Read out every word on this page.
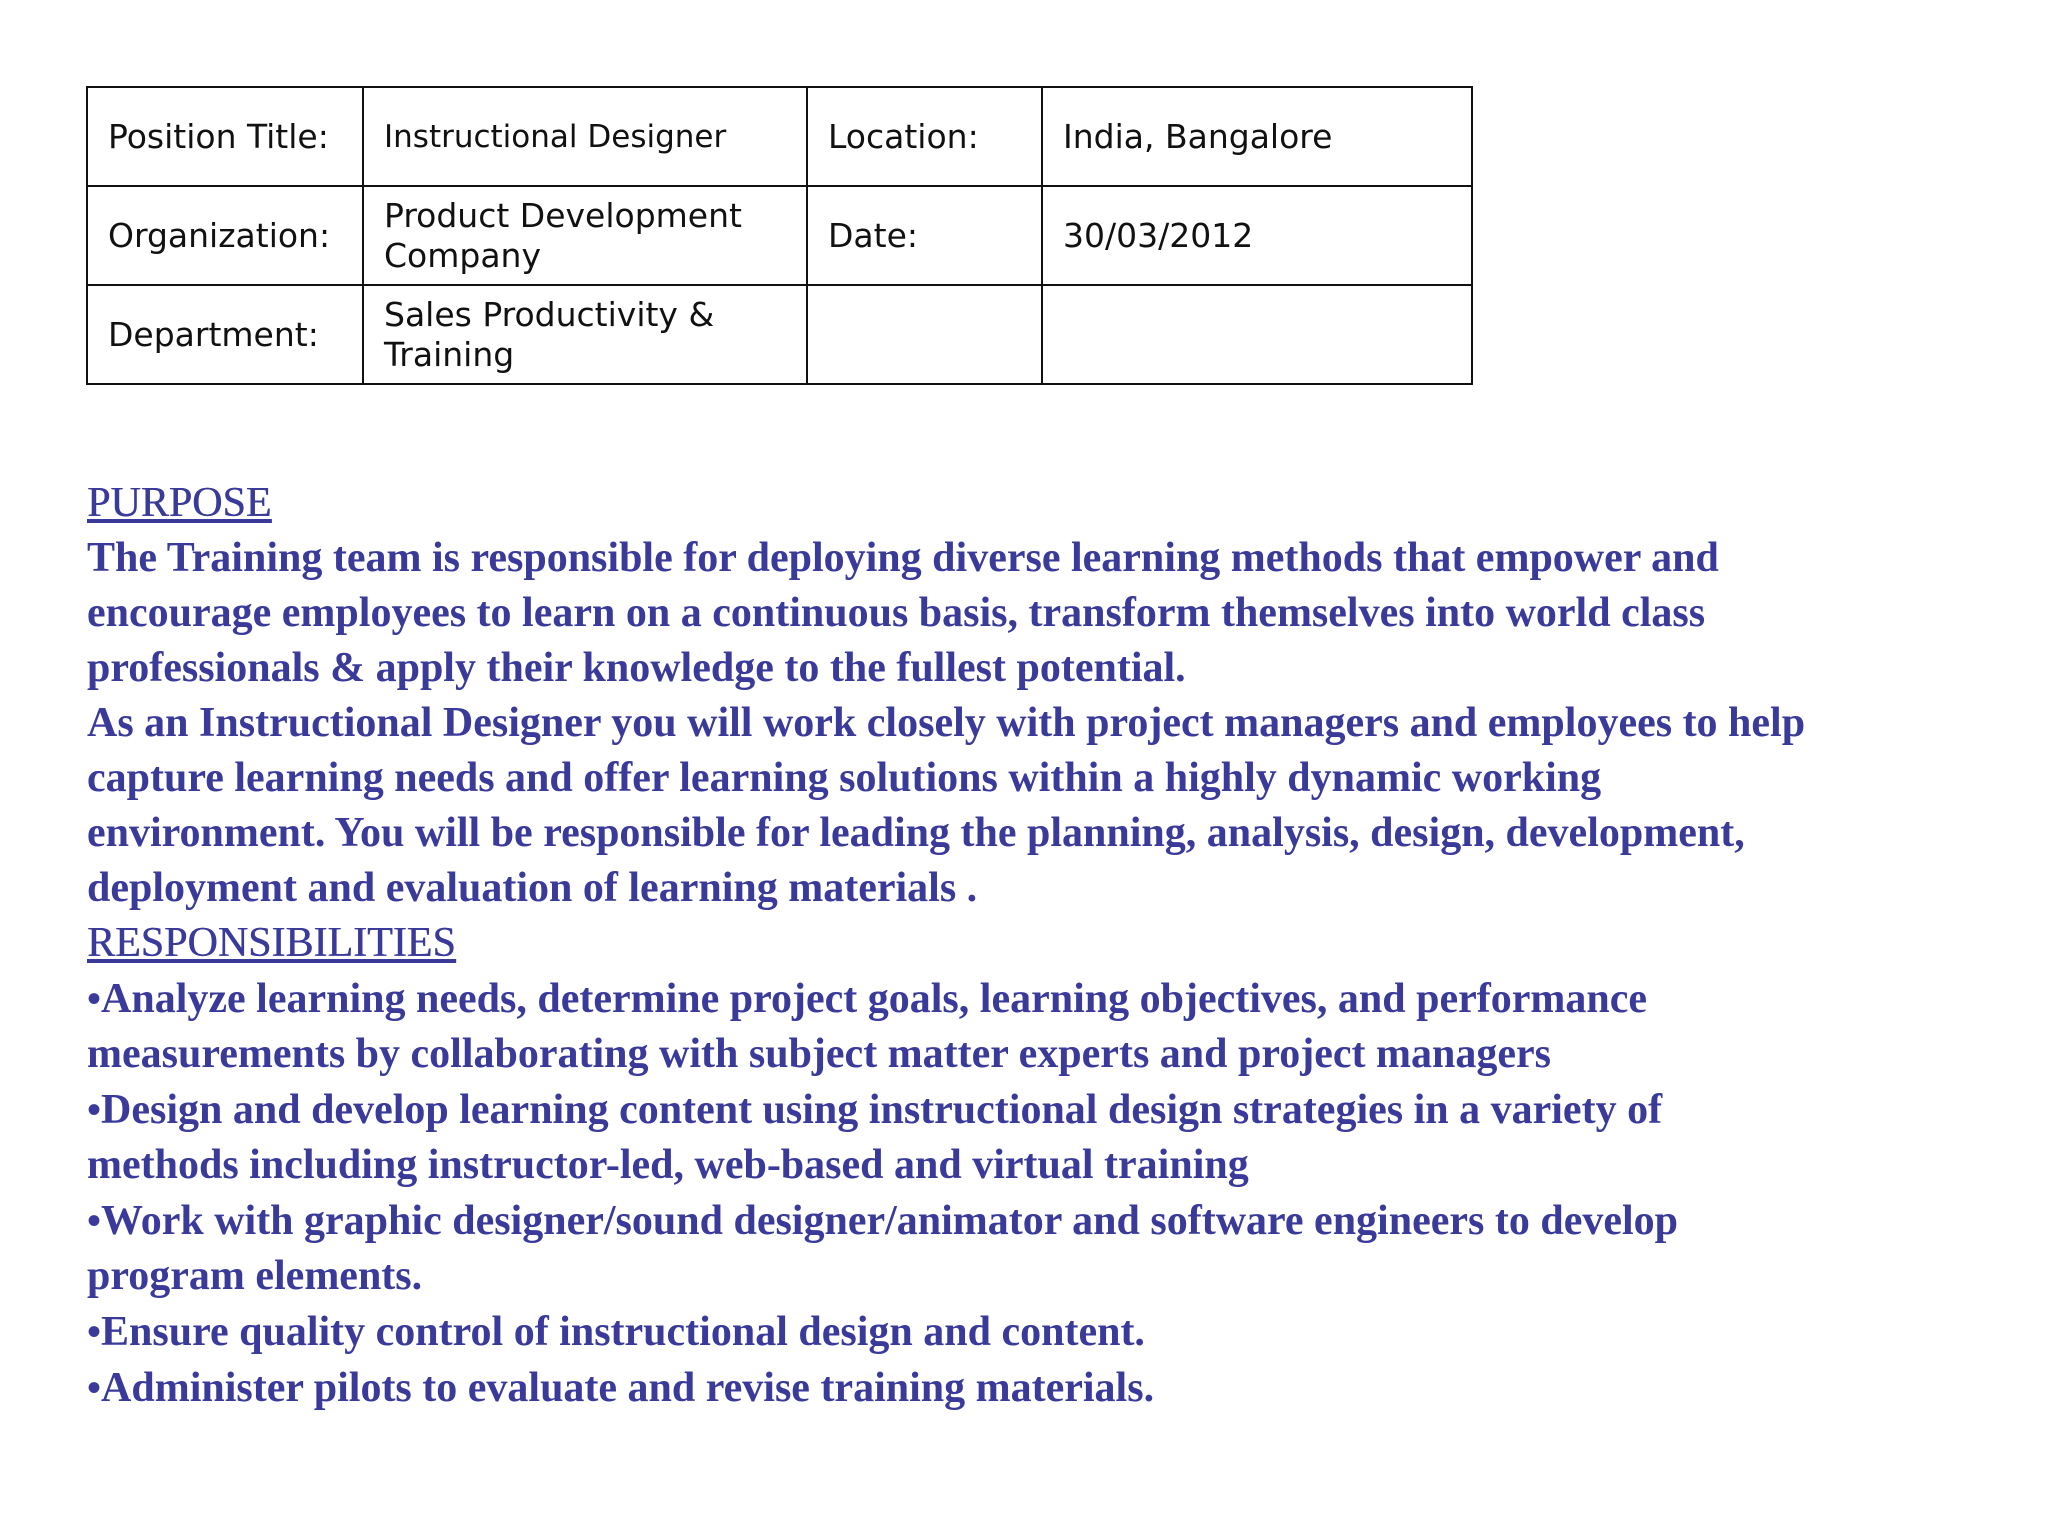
Position Title:	Instructional Designer	Location:	India, Bangalore
Organization:	Product Development Company	Date:	30/03/2012
Department:	Sales Productivity & Training		

PURPOSE

The Training team is responsible for deploying diverse learning methods that empower and encourage employees to learn on a continuous basis, transform themselves into world class professionals & apply their knowledge to the fullest potential.

As an Instructional Designer you will work closely with project managers and employees to help capture learning needs and offer learning solutions within a highly dynamic working environment. You will be responsible for leading the planning, analysis, design, development, deployment and evaluation of learning materials .

RESPONSIBILITIES

•Analyze learning needs, determine project goals, learning objectives, and performance measurements by collaborating with subject matter experts and project managers

•Design and develop learning content using instructional design strategies in a variety of methods including instructor-led, web-based and virtual training

•Work with graphic designer/sound designer/animator and software engineers to develop program elements.

•Ensure quality control of instructional design and content.

•Administer pilots to evaluate and revise training materials.
